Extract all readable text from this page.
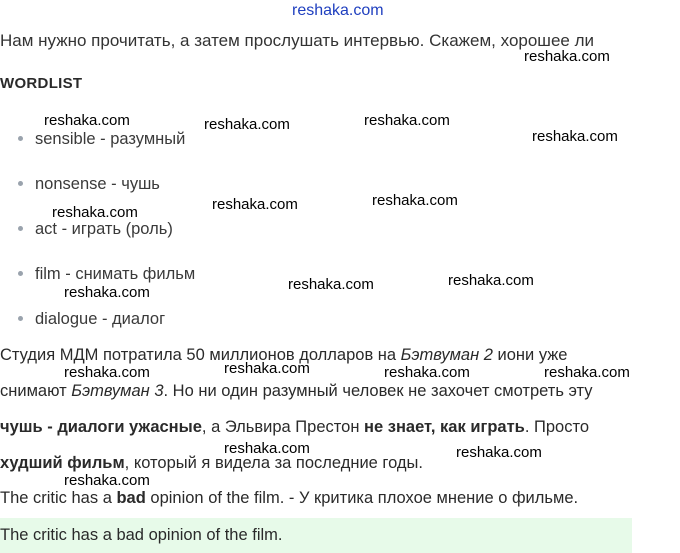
reshaka.com
Нам нужно прочитать, а затем прослушать интервью. Скажем, хорошее ли
WORDLIST
sensible - разумный
nonsense - чушь
act - играть (роль)
film - снимать фильм
dialogue - диалог
Студия МДМ потратила 50 миллионов долларов на Бэтвуман 2 иони уже
снимают Бэтвуман 3. Но ни один разумный человек не захочет смотреть эту
чушь - диалоги ужасные, а Эльвира Престон не знает, как играть. Просто
худший фильм, который я видела за последние годы.
The critic has a bad opinion of the film. - У критика плохое мнение о фильме.
The critic has a bad opinion of the film.
reshaka.com
reshaka.com	reshaka.com	reshaka.com
reshaka.com
reshaka.com	reshaka.com
reshaka.com
reshaka.com
reshaka.com
reshaka.com
reshaka.com
reshaka.com	reshaka.com	reshaka.com
reshaka.com	reshaka.com
reshaka.com
